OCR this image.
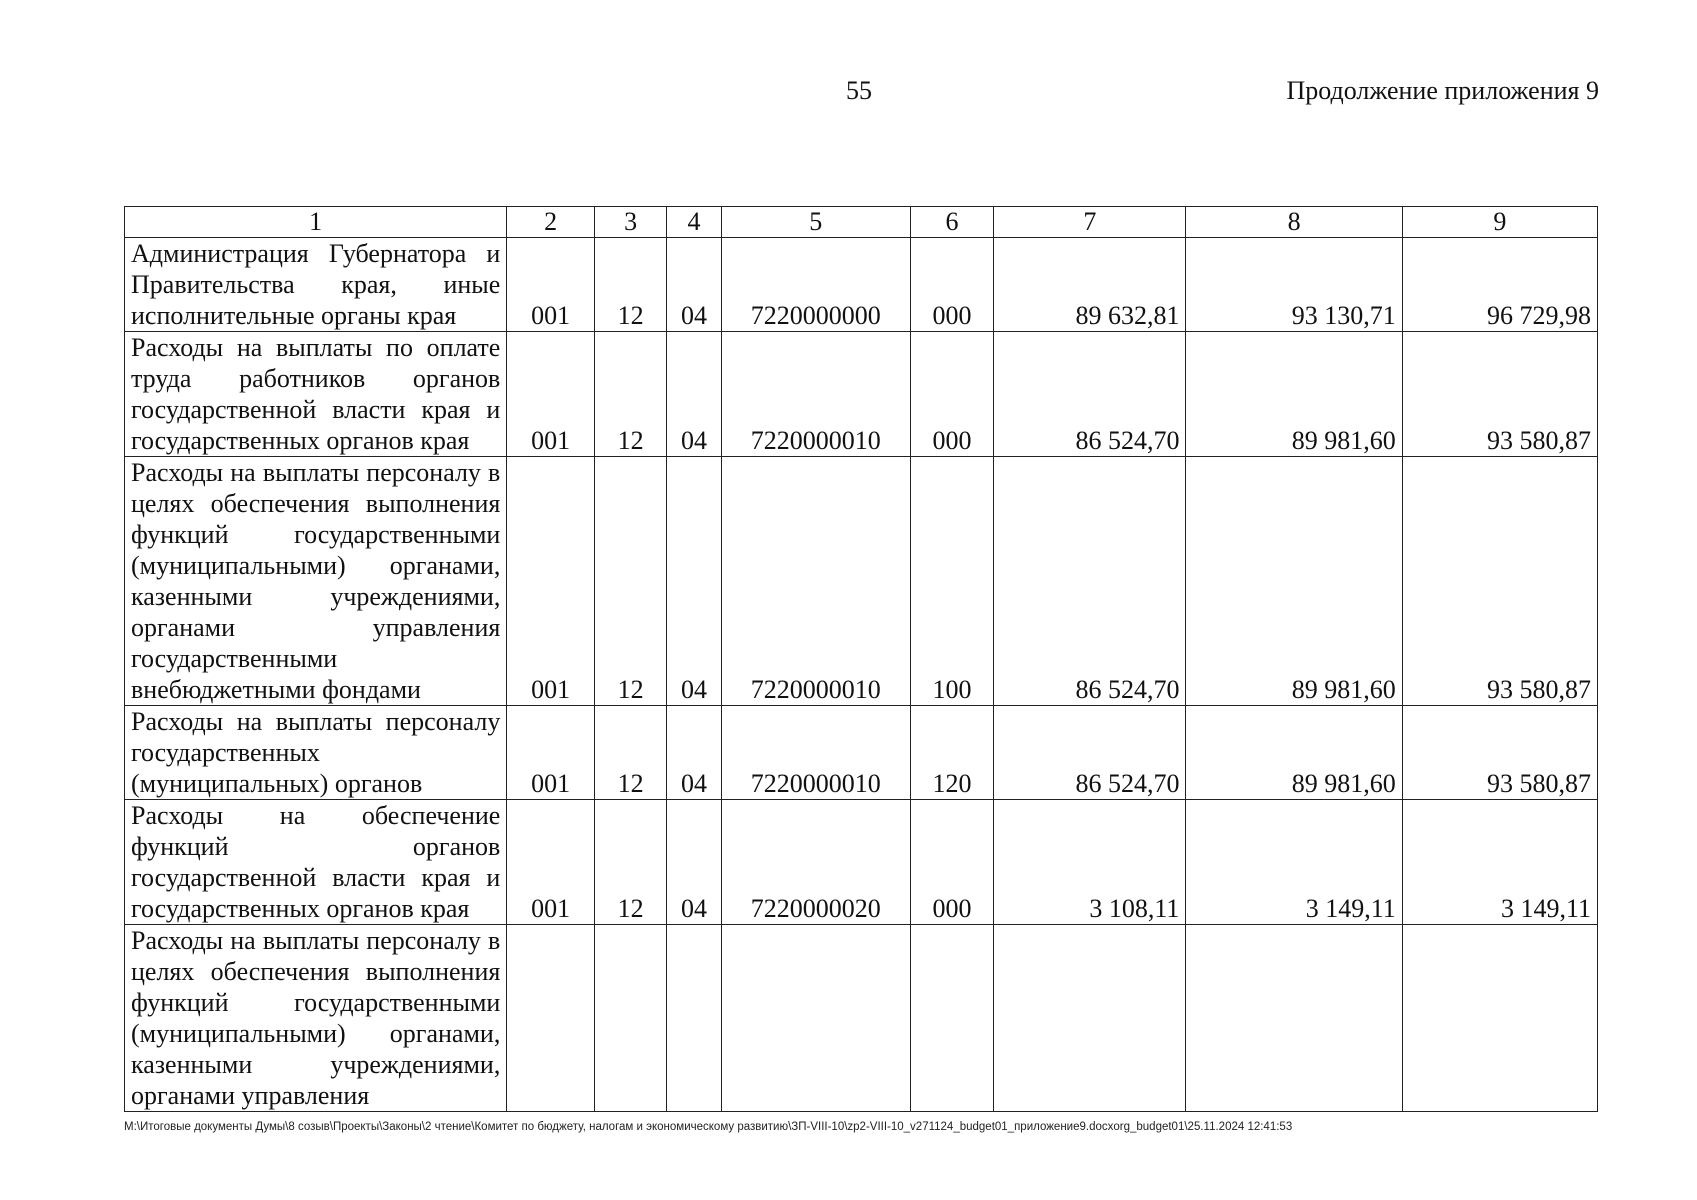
55	Продолжение приложения 9
1	2	3	4	5	6	7	8	9
Администрация Губернатора и Правительства края, иные исполнительные органы края	001	12	04	7220000000	000	89 632,81	93 130,71	96 729,98
Расходы на выплаты по оплате труда работников органов государственной власти края и государственных органов края	001	12	04	7220000010	000	86 524,70	89 981,60	93 580,87
Расходы на выплаты персоналу в целях обеспечения выполнения функций государственными (муниципальными) органами, казенными учреждениями, органами управления государственными внебюджетными фондами	001	12	04	7220000010	100	86 524,70	89 981,60	93 580,87
Расходы на выплаты персоналу государственных (муниципальных) органов	001	12	04	7220000010	120	86 524,70	89 981,60	93 580,87
Расходы на обеспечение функций органов государственной власти края и государственных органов края	001	12	04	7220000020	000	3 108,11	3 149,11	3 149,11
Расходы на выплаты персоналу в целях обеспечения выполнения функций государственными (муниципальными) органами, казенными учреждениями, органами управления								
М:\Итоговые документы Думы\8 созыв\Проекты\Законы\2 чтение\Комитет по бюджету, налогам и экономическому развитию\ЗП-VIII-10\zp2-VIII-10_v271124_budget01_приложение9.docxorg_budget01\25.11.2024 12:41:53
